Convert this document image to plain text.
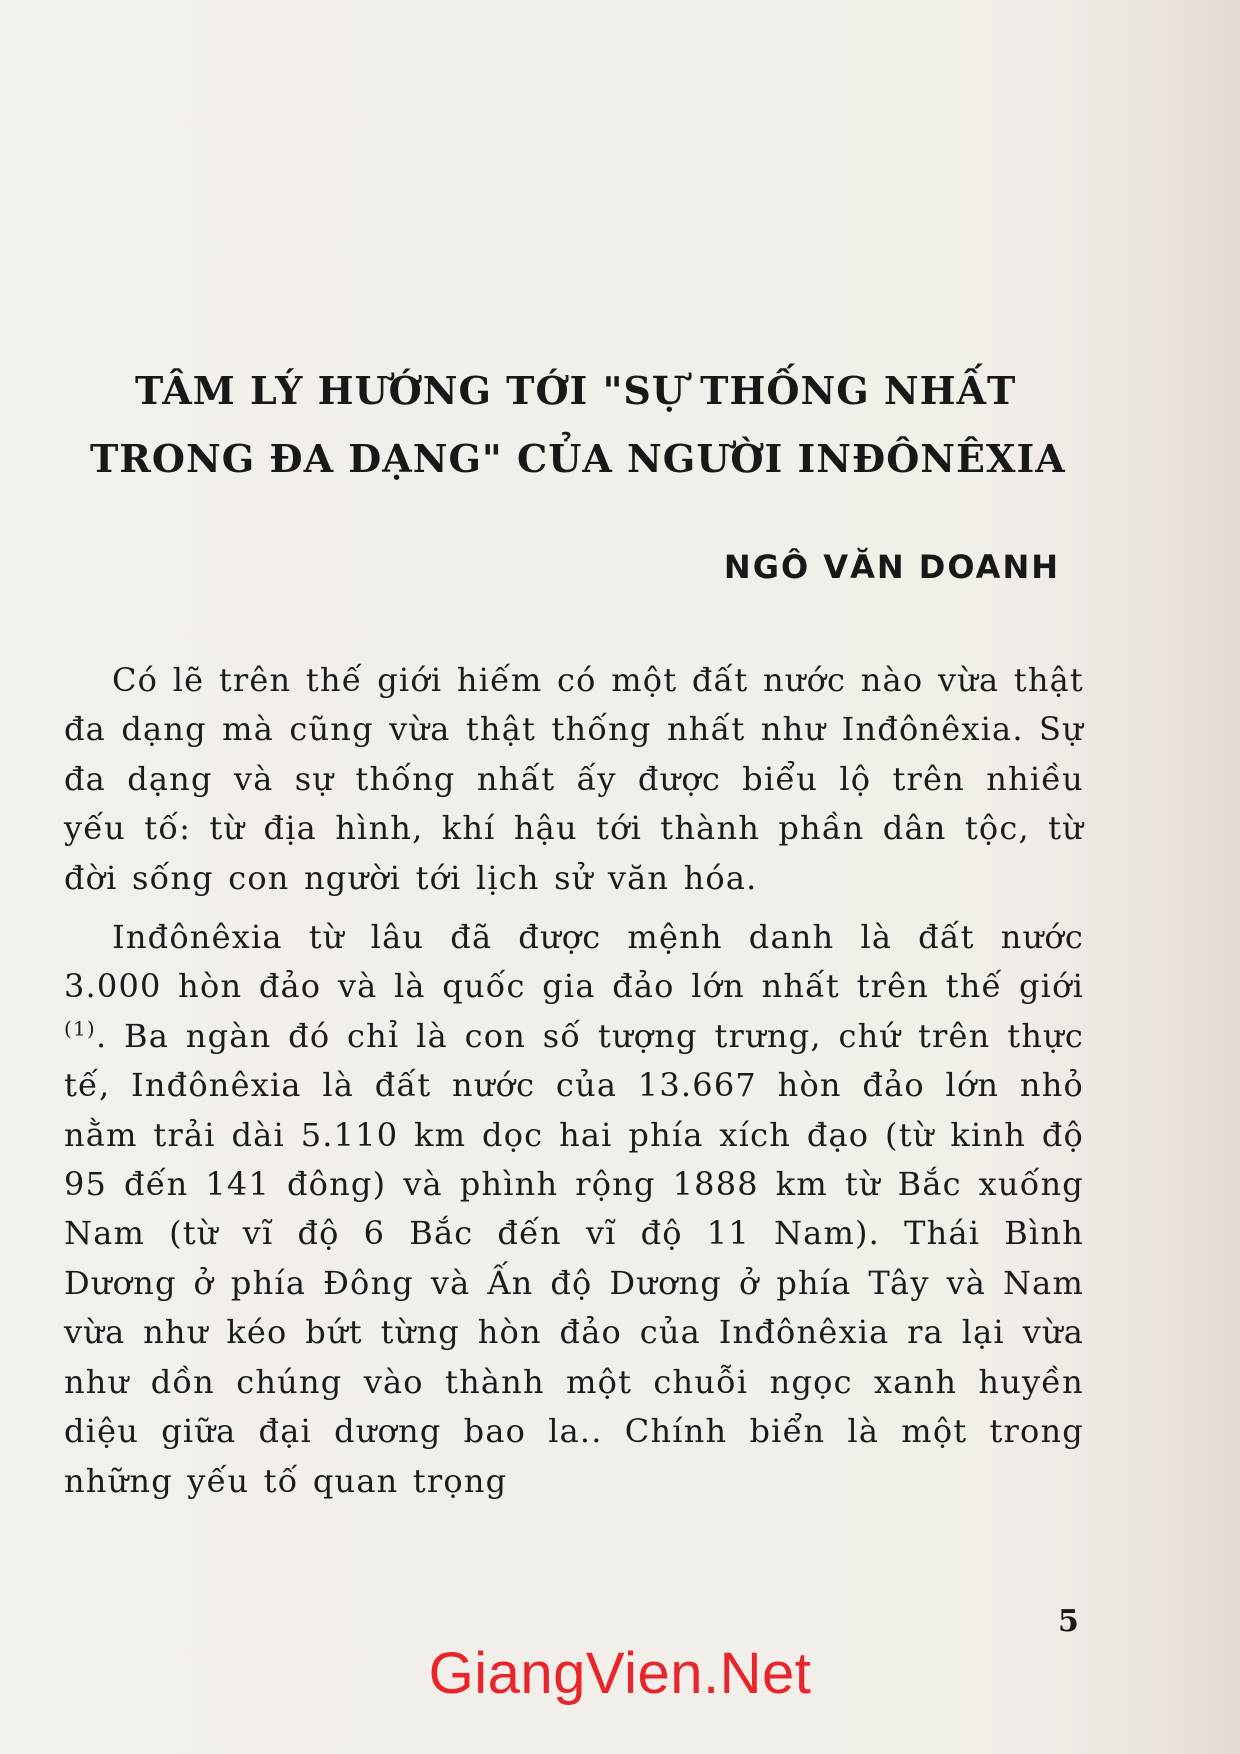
TÂM LÝ HƯỚNG TỚI "SỰ THỐNG NHẤT
TRONG ĐA DẠNG" CỦA NGƯỜI INĐÔNÊXIA
NGÔ VĂN DOANH

Có lẽ trên thế giới hiếm có một đất nước nào vừa thật đa dạng mà cũng vừa thật thống nhất như Inđônêxia. Sự đa dạng và sự thống nhất ấy được biểu lộ trên nhiều yếu tố: từ địa hình, khí hậu tới thành phần dân tộc, từ đời sống con người tới lịch sử văn hóa.

Inđônêxia từ lâu đã được mệnh danh là đất nước 3.000 hòn đảo và là quốc gia đảo lớn nhất trên thế giới $^{(1)}$. Ba ngàn đó chỉ là con số tượng trưng, chứ trên thực tế, Inđônêxia là đất nước của 13.667 hòn đảo lớn nhỏ nằm trải dài 5.110 km dọc hai phía xích đạo (từ kinh độ 95 đến 141 đông) và phình rộng 1888 km từ Bắc xuống Nam (từ vĩ độ 6 Bắc đến vĩ độ 11 Nam). Thái Bình Dương ở phía Đông và Ấn độ Dương ở phía Tây và Nam vừa như kéo bứt từng hòn đảo của Inđônêxia ra lại vừa như dồn chúng vào thành một chuỗi ngọc xanh huyền diệu giữa đại dương bao la.. Chính biển là một trong những yếu tố quan trọng

5
GiangVien.Net
